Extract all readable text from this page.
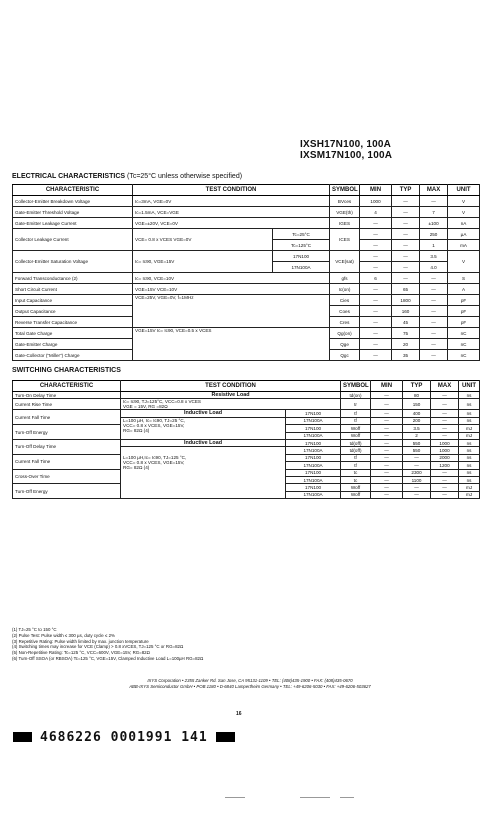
IXSH17N100, 100A
IXSM17N100, 100A
ELECTRICAL CHARACTERISTICS (Tc=25°C unless otherwise specified)
CHARACTERISTIC	TEST CONDITION		SYMBOL	MIN	TYP	MAX	UNIT
Collector-Emitter Breakdown Voltage	Ic=3mA, VGE=0V		BVces	1000	—	—	V
Gate-Emitter Threshold Voltage	Ic=1.5mA, VCE=VGE		VGE(th)	4	—	7	V
Gate-Emitter Leakage Current	VGE=±20V, VCE=0V		IGES	—	—	±100	nA
Collector Leakage Current	VCE= 0.8 x VCES VGE=0V	Tc=25°C	ICES	—	—	250	µA
		Tc=125°C		—	—	1	mA
Collector-Emitter Saturation Voltage	Ic= Ic90, VGE=15V	17N100	VCE(sat)	—	—	3.5	V
		17N100A		—	—	4.0	
Forward Transconductance (2)	Ic= Ic90, VCE=10V		gfs	6	—	—	S
Short Circuit Current	VGE=15V VCE=10V		Ic(on)	—	65	—	A
Input Capacitance	VCE=25V, VGE=0V, f=1MHz		Cies	—	1800	—	pF
Output Capacitance			Coes	—	160	—	pF
Reverse Transfer Capacitance			Cres	—	45	—	pF
Total Gate Charge	VGE=15V Ic= Ic90, VCE=0.5 x VCES		Qg(on)	—	75	—	nC
Gate-Emitter Charge			Qge	—	20	—	nC
Gate-Collector ("Miller") Charge			Qgc	—	35	—	nC
SWITCHING CHARACTERISTICS
CHARACTERISTIC	TEST CONDITION		SYMBOL	MIN	TYP	MAX	UNIT
Turn-On Delay Time	Resistive Load		td(on)	—	80	—	ns

	Ic= Ic90, TJ=125°C, VCC=0.8 x VCES
VGE = 15V, RG =82Ω						

Current Rise Time			tr	—	150	—	ns

Current Fall Time	Inductive Load	17N100	tf	—	400	—	ns

	L=100 µH, Ic= Ic90, TJ=25 °C,
VCC= 0.8 x VCES, VGE=15V,
RG= 82Ω (4)	17N100A	tf	—	200	—	ns
Turn-Off Energy		17N100	Woff	—	3.5	—	mJ
		17N100A	Woff	—	2	—	mJ
Turn-Off Delay Time	Inductive Load	17N100	td(off)	—	550	1000	ns

	L=100 µH,Ic= Ic90, TJ=125 °C,
VCC= 0.8 x VCES, VGE=15V,
RG= 82Ω (4)	17N100A	td(off)	—	550	1000	ns
Current Fall Time		17N100	tf	—	—	2000	ns
		17N100A	tf	—	—	1200	ns
Cross-Over Time		17N100	tc	—	2300	—	ns
		17N100A	tc	—	1100	—	ns
Turn-Off Energy		17N100	Woff	—	—	—	mJ
		17N100A	Woff	—	—	—	mJ
(1) TJ=25 °C to 150 °C
(2) Pulse Test: Pulse width ≤ 300 µs, duty cycle ≤ 2%
(3) Repetitive Rating: Pulse width limited by max. junction temperature
(4) Switching times may increase for VCE (Clamp) > 0.8 xVCES, TJ=125 °C or RG=82Ω
(5) Non-Repetitive Rating: Tc=125 °C, VCC=600V, VGE=15V, RG=82Ω
(6) Turn-Off SSOA (or RBSOA) Tc=125 °C, VGE=15V, Clamped Inductive Load L=100µH RG=82Ω
IXYS Corporation • 2355 Zanker Rd. San Jose, CA 95131-1109 • TEL: (408)435-1900 • FAX: (408)435-0670
ABB-IXYS Semiconductor GmbH • POB 1180 • D-6840 Lampertheim Germany • TEL: +49-6206-5030 • FAX: +49-6206-503627
16
4686226 0001991 141
